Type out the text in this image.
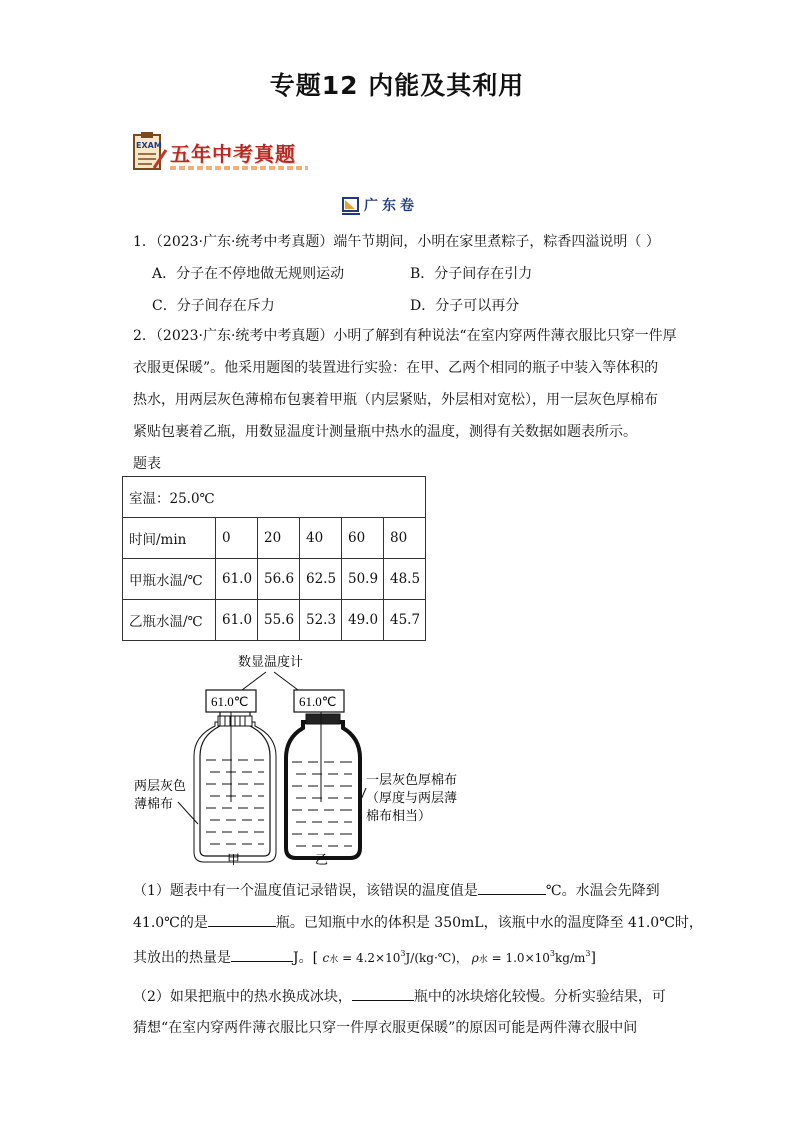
专题12 内能及其利用
EXAM 五年中考真题
广东卷
1．（2023·广东·统考中考真题）端午节期间，小明在家里煮粽子，粽香四溢说明（ ）
A．分子在不停地做无规则运动	B．分子间存在引力
C．分子间存在斥力	D．分子可以再分
2．（2023·广东·统考中考真题）小明了解到有种说法“在室内穿两件薄衣服比只穿一件厚
衣服更保暖”。他采用题图的装置进行实验：在甲、乙两个相同的瓶子中装入等体积的
热水，用两层灰色薄棉布包裹着甲瓶（内层紧贴，外层相对宽松），用一层灰色厚棉布
紧贴包裹着乙瓶，用数显温度计测量瓶中热水的温度，测得有关数据如题表所示。
题表
室温：25.0℃					
时间/min	0	20	40	60	80
甲瓶水温/℃	61.0	56.6	62.5	50.9	48.5
乙瓶水温/℃	61.0	55.6	52.3	49.0	45.7
数显温度计
61.0℃	61.0℃
两层灰色
薄棉布
甲
一层灰色厚棉布
（厚度与两层薄
棉布相当）
乙
（1）题表中有一个温度值记录错误，该错误的温度值是	℃。水温会先降到
41.0℃的是	瓶。已知瓶中水的体积是 350mL，该瓶中水的温度降至 41.0℃时，
其放出的热量是	J。[ c水 = $4.2\times 10^3J/(kg\cdot℃)$， ρ水 = $1.0\times 10^3kg/m^3$]
（2）如果把瓶中的热水换成冰块，	瓶中的冰块熔化较慢。分析实验结果，可
猜想“在室内穿两件薄衣服比只穿一件厚衣服更保暖”的原因可能是两件薄衣服中间
